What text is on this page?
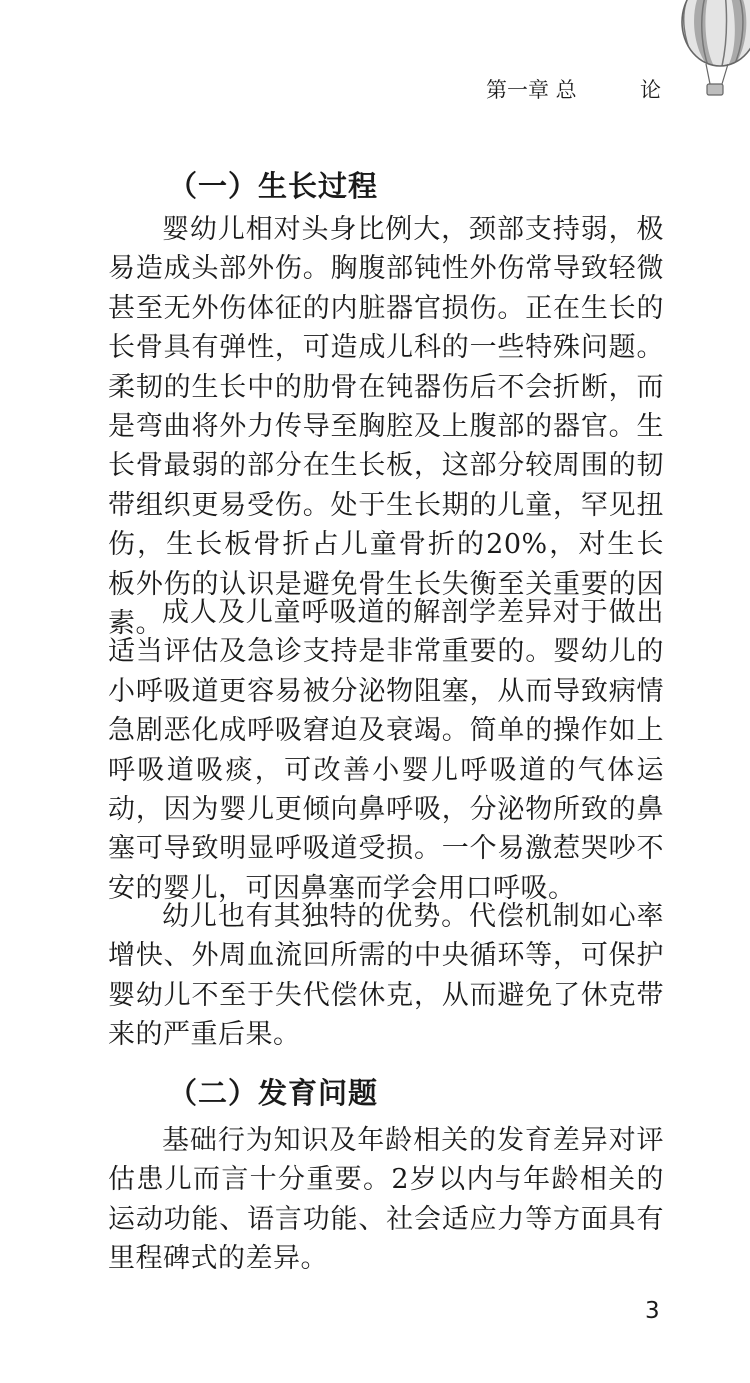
第一章 总	论
（一）生长过程

婴幼儿相对头身比例大，颈部支持弱，极易造成头部外伤。胸腹部钝性外伤常导致轻微甚至无外伤体征的内脏器官损伤。正在生长的长骨具有弹性，可造成儿科的一些特殊问题。柔韧的生长中的肋骨在钝器伤后不会折断，而是弯曲将外力传导至胸腔及上腹部的器官。生长骨最弱的部分在生长板，这部分较周围的韧带组织更易受伤。处于生长期的儿童，罕见扭伤，生长板骨折占儿童骨折的20%，对生长板外伤的认识是避免骨生长失衡至关重要的因素。 成人及儿童呼吸道的解剖学差异对于做出适当评估及急诊支持是非常重要的。婴幼儿的小呼吸道更容易被分泌物阻塞，从而导致病情急剧恶化成呼吸窘迫及衰竭。简单的操作如上呼吸道吸痰，可改善小婴儿呼吸道的气体运动，因为婴儿更倾向鼻呼吸，分泌物所致的鼻塞可导致明显呼吸道受损。一个易激惹哭吵不安的婴儿，可因鼻塞而学会用口呼吸。

幼儿也有其独特的优势。代偿机制如心率增快、外周血流回所需的中央循环等，可保护婴幼儿不至于失代偿休克，从而避免了休克带来的严重后果。

（二）发育问题

基础行为知识及年龄相关的发育差异对评估患儿而言十分重要。2岁以内与年龄相关的运动功能、语言功能、社会适应力等方面具有里程碑式的差异。

3
